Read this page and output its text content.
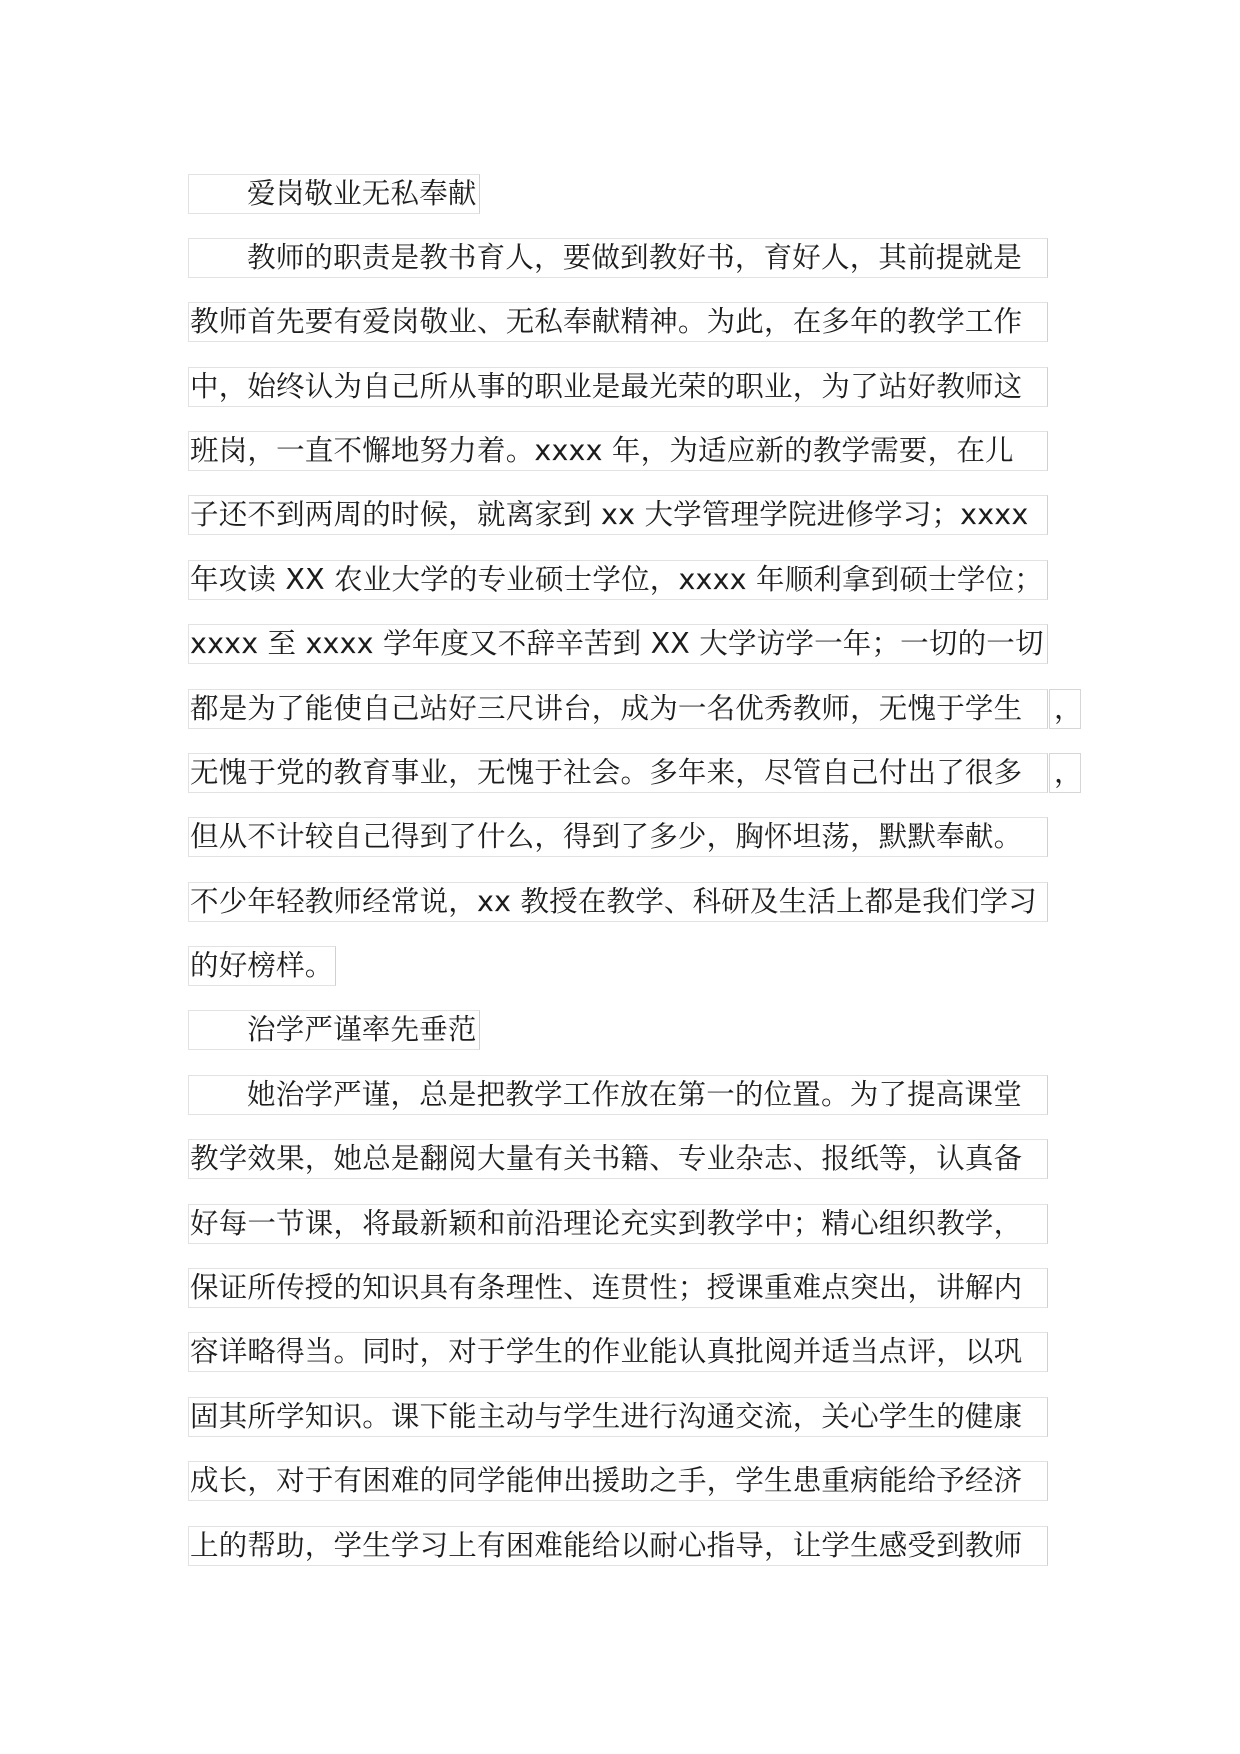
爱岗敬业无私奉献
教师的职责是教书育人，要做到教好书，育好人，其前提就是
教师首先要有爱岗敬业、无私奉献精神。为此，在多年的教学工作
中，始终认为自己所从事的职业是最光荣的职业，为了站好教师这
班岗，一直不懈地努力着。xxxx 年，为适应新的教学需要，在儿
子还不到两周的时候，就离家到 xx 大学管理学院进修学习；xxxx
年攻读 XX 农业大学的专业硕士学位，xxxx 年顺利拿到硕士学位；
xxxx 至 xxxx 学年度又不辞辛苦到 XX 大学访学一年；一切的一切
都是为了能使自己站好三尺讲台，成为一名优秀教师，无愧于学生 ，
无愧于党的教育事业，无愧于社会。多年来，尽管自己付出了很多 ，
但从不计较自己得到了什么，得到了多少，胸怀坦荡，默默奉献。
不少年轻教师经常说，xx 教授在教学、科研及生活上都是我们学习
的好榜样。
治学严谨率先垂范
她治学严谨，总是把教学工作放在第一的位置。为了提高课堂
教学效果，她总是翻阅大量有关书籍、专业杂志、报纸等，认真备
好每一节课，将最新颖和前沿理论充实到教学中；精心组织教学，
保证所传授的知识具有条理性、连贯性；授课重难点突出，讲解内
容详略得当。同时，对于学生的作业能认真批阅并适当点评，以巩
固其所学知识。课下能主动与学生进行沟通交流，关心学生的健康
成长，对于有困难的同学能伸出援助之手，学生患重病能给予经济
上的帮助，学生学习上有困难能给以耐心指导，让学生感受到教师
